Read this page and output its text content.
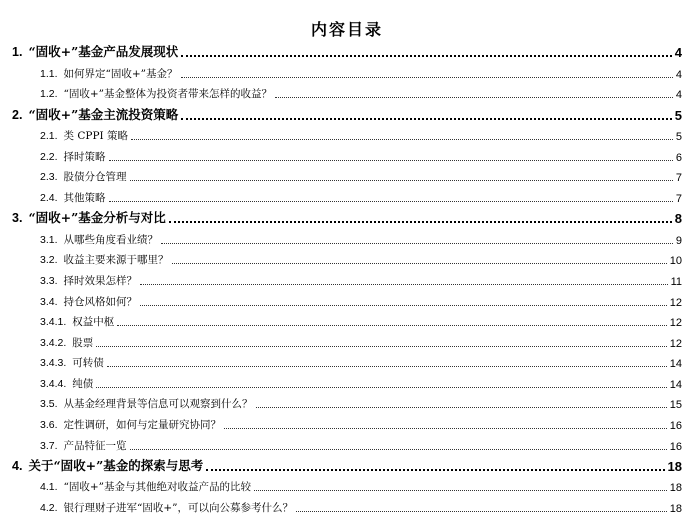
内容目录
1. “固收+”基金产品发展现状	4
1.1. 如何界定“固收+”基金？	4
1.2. “固收+”基金整体为投资者带来怎样的收益？	4
2. “固收+”基金主流投资策略	5
2.1. 类 CPPI 策略	5
2.2. 择时策略	6
2.3. 股债分仓管理	7
2.4. 其他策略	7
3. “固收+”基金分析与对比	8
3.1. 从哪些角度看业绩？	9
3.2. 收益主要来源于哪里？	10
3.3. 择时效果怎样？	11
3.4. 持仓风格如何？	12
3.4.1. 权益中枢	12
3.4.2. 股票	12
3.4.3. 可转债	14
3.4.4. 纯债	14
3.5. 从基金经理背景等信息可以观察到什么？	15
3.6. 定性调研，如何与定量研究协同？	16
3.7. 产品特征一览	16
4. 关于“固收+”基金的探索与思考	18
4.1. “固收+”基金与其他绝对收益产品的比较	18
4.2. 银行理财子进军“固收+”，可以向公募参考什么？	18
